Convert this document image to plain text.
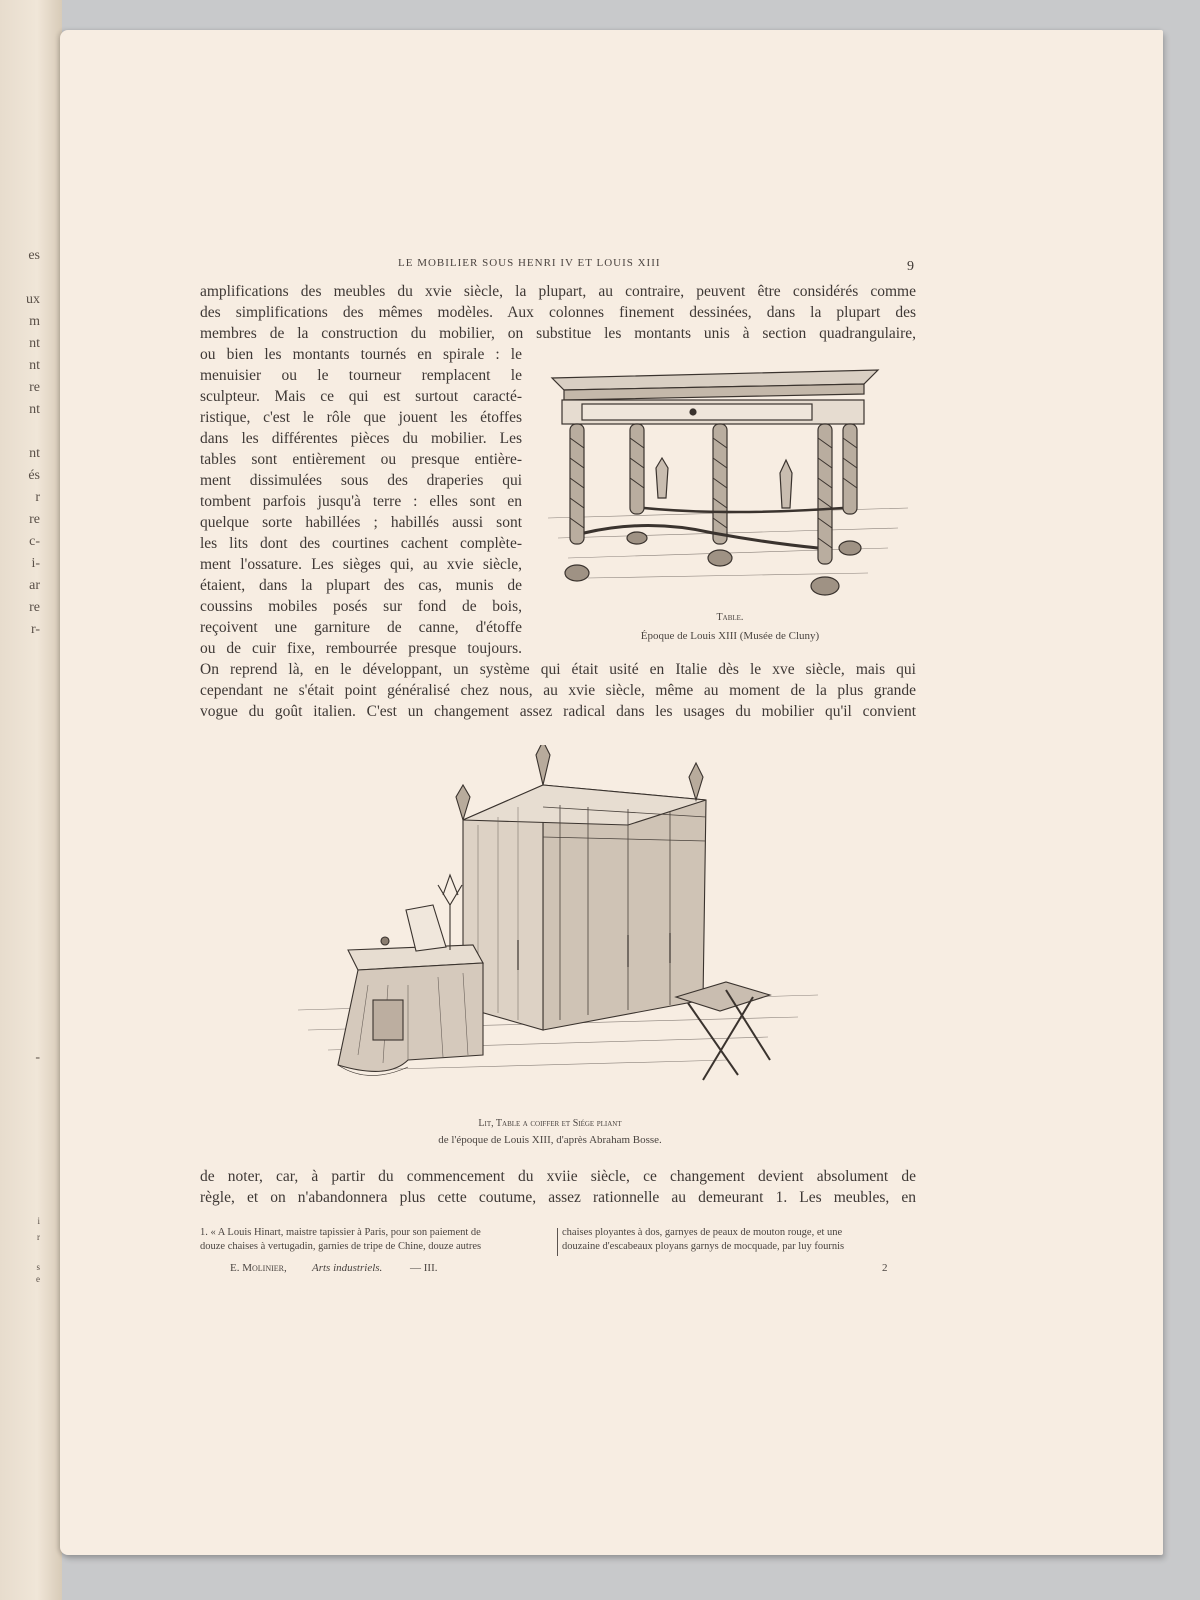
es
ux
m
nt
nt
re
nt
nt
és
r
re
c-
i-
ar
re
r-
-
i
r
s
e
LE MOBILIER SOUS HENRI IV ET LOUIS XIII	9
amplifications des meubles du xvie siècle, la plupart, au contraire, peuvent être considérés comme
des simplifications des mêmes modèles. Aux colonnes finement dessinées, dans la plupart des
membres de la construction du mobilier, on substitue les montants unis à section quadrangulaire,
ou bien les montants tournés en spirale : le
menuisier ou le tourneur remplacent le
sculpteur. Mais ce qui est surtout caracté-
ristique, c'est le rôle que jouent les étoffes
dans les différentes pièces du mobilier. Les
tables sont entièrement ou presque entière-
ment dissimulées sous des draperies qui
tombent parfois jusqu'à terre : elles sont en
quelque sorte habillées ; habillés aussi sont
les lits dont des courtines cachent complète-
ment l'ossature. Les sièges qui, au xvie siècle,
étaient, dans la plupart des cas, munis de
coussins mobiles posés sur fond de bois,
reçoivent une garniture de canne, d'étoffe
ou de cuir fixe, rembourrée presque toujours.
On reprend là, en le développant, un système qui était usité en Italie dès le xve siècle, mais qui
cependant ne s'était point généralisé chez nous, au xvie siècle, même au moment de la plus grande
vogue du goût italien. C'est un changement assez radical dans les usages du mobilier qu'il convient
Table.
Époque de Louis XIII (Musée de Cluny)
Lit, Table a coiffer et Siége pliant
de l'époque de Louis XIII, d'après Abraham Bosse.
de noter, car, à partir du commencement du xviie siècle, ce changement devient absolument de
règle, et on n'abandonnera plus cette coutume, assez rationnelle au demeurant 1. Les meubles, en
1. « A Louis Hinart, maistre tapissier à Paris, pour son paiement de
douze chaises à vertugadin, garnies de tripe de Chine, douze autres
chaises ployantes à dos, garnyes de peaux de mouton rouge, et une
douzaine d'escabeaux ployans garnys de mocquade, par luy fournis
E. Molinier, Arts industriels.	— III.	2
